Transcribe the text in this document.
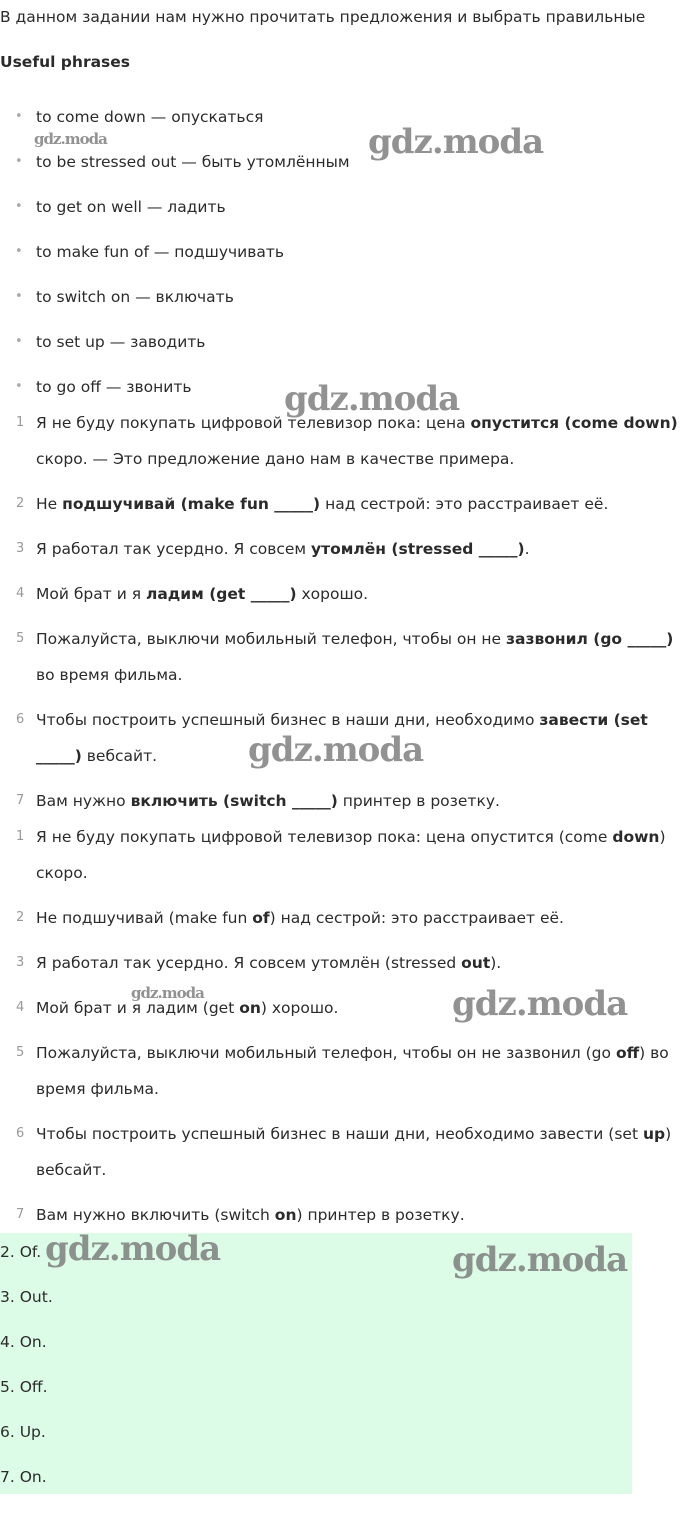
В данном задании нам нужно прочитать предложения и выбрать правильные
Useful phrases
• to come down — опускаться
• to be stressed out — быть утомлённым
• to get on well — ладить
• to make fun of — подшучивать
• to switch on — включать
• to set up — заводить
• to go off — звонить
1 Я не буду покупать цифровой телевизор пока: цена опустится (come down) скоро. — Это предложение дано нам в качестве примера.
2 Не подшучивай (make fun _____) над сестрой: это расстраивает её.
3 Я работал так усердно. Я совсем утомлён (stressed _____).
4 Мой брат и я ладим (get _____) хорошо.
5 Пожалуйста, выключи мобильный телефон, чтобы он не зазвонил (go _____) во время фильма.
6 Чтобы построить успешный бизнес в наши дни, необходимо завести (set _____) вебсайт.
7 Вам нужно включить (switch _____) принтер в розетку.
1 Я не буду покупать цифровой телевизор пока: цена опустится (come down) скоро.
2 Не подшучивай (make fun of) над сестрой: это расстраивает её.
3 Я работал так усердно. Я совсем утомлён (stressed out).
4 Мой брат и я ладим (get on) хорошо.
5 Пожалуйста, выключи мобильный телефон, чтобы он не зазвонил (go off) во время фильма.
6 Чтобы построить успешный бизнес в наши дни, необходимо завести (set up) вебсайт.
7 Вам нужно включить (switch on) принтер в розетку.
2. Of.
3. Out.
4. On.
5. Off.
6. Up.
7. On.
gdz.moda	gdz.moda
gdz.moda
gdz.moda
gdz.moda	gdz.moda
gdz.moda	gdz.moda
